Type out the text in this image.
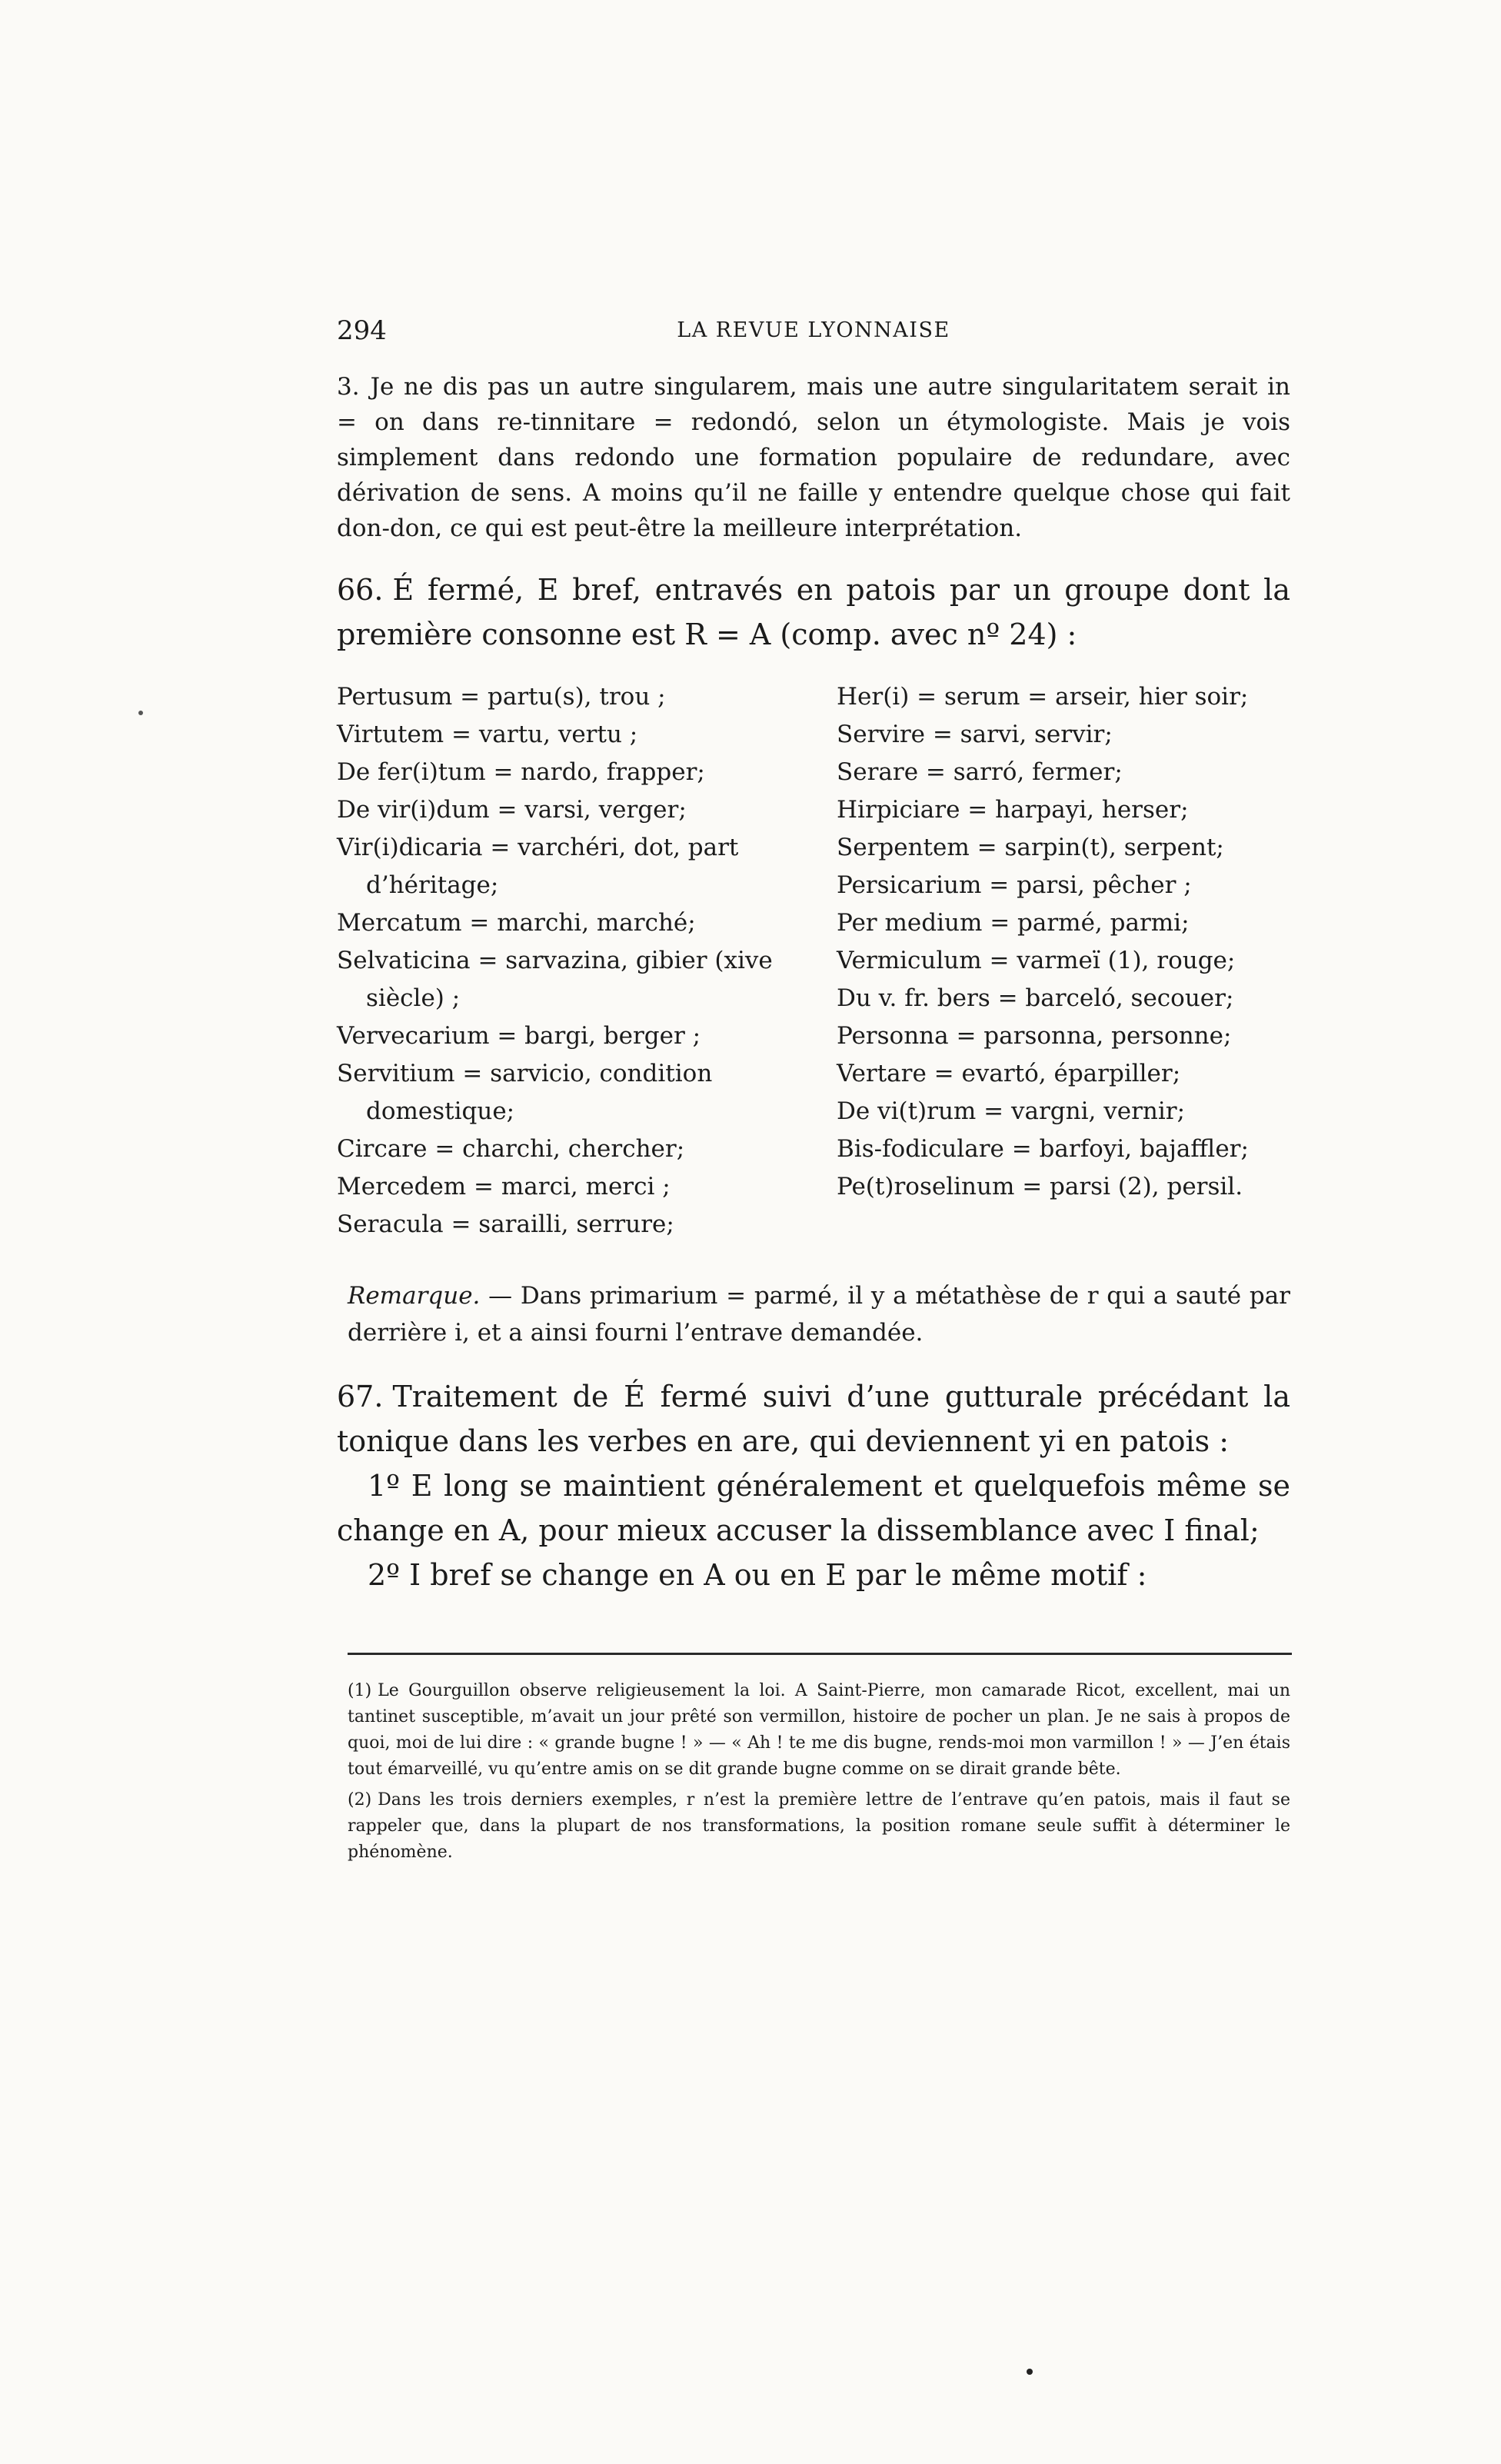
294	LA REVUE LYONNAISE

3. Je ne dis pas un autre singularem, mais une autre singularitatem serait in = on dans re-tinnitare = redondó, selon un étymologiste. Mais je vois simplement dans redondo une formation populaire de redundare, avec dérivation de sens. A moins qu’il ne faille y entendre quelque chose qui fait don-don, ce qui est peut-être la meilleure interprétation.

66. É fermé, E bref, entravés en patois par un groupe dont la première consonne est R = A (comp. avec nº 24) :

Pertusum = partu(s), trou ;
Virtutem = vartu, vertu ;
De fer(i)tum = nardo, frapper;
De vir(i)dum = varsi, verger;
Vir(i)dicaria = varchéri, dot, part d’héritage;
Mercatum = marchi, marché;
Selvaticina = sarvazina, gibier (xive siècle) ;
Vervecarium = bargi, berger ;
Servitium = sarvicio, condition domestique;
Circare = charchi, chercher;
Mercedem = marci, merci ;
Seracula = sarailli, serrure;
Her(i) = serum = arseir, hier soir;
Servire = sarvi, servir;
Serare = sarró, fermer;
Hirpiciare = harpayi, herser;
Serpentem = sarpin(t), serpent;
Persicarium = parsi, pêcher ;
Per medium = parmé, parmi;
Vermiculum = varmeï (1), rouge;
Du v. fr. bers = barceló, secouer;
Personna = parsonna, personne;
Vertare = evartó, éparpiller;
De vi(t)rum = vargni, vernir;
Bis-fodiculare = barfoyi, bajaffler;
Pe(t)roselinum = parsi (2), persil.
Remarque. — Dans primarium = parmé, il y a métathèse de r qui a sauté par derrière i, et a ainsi fourni l’entrave demandée.

67. Traitement de É fermé suivi d’une gutturale précédant la tonique dans les verbes en are, qui deviennent yi en patois :

1º E long se maintient généralement et quelquefois même se change en A, pour mieux accuser la dissemblance avec I final;

2º I bref se change en A ou en E par le même motif :

(1) Le Gourguillon observe religieusement la loi. A Saint-Pierre, mon camarade Ricot, excellent, mai un tantinet susceptible, m’avait un jour prêté son vermillon, histoire de pocher un plan. Je ne sais à propos de quoi, moi de lui dire : « grande bugne ! » — « Ah ! te me dis bugne, rends-moi mon varmillon ! » — J’en étais tout émarveillé, vu qu’entre amis on se dit grande bugne comme on se dirait grande bête.

(2) Dans les trois derniers exemples, r n’est la première lettre de l’entrave qu’en patois, mais il faut se rappeler que, dans la plupart de nos transformations, la position romane seule suffit à déterminer le phénomène.
